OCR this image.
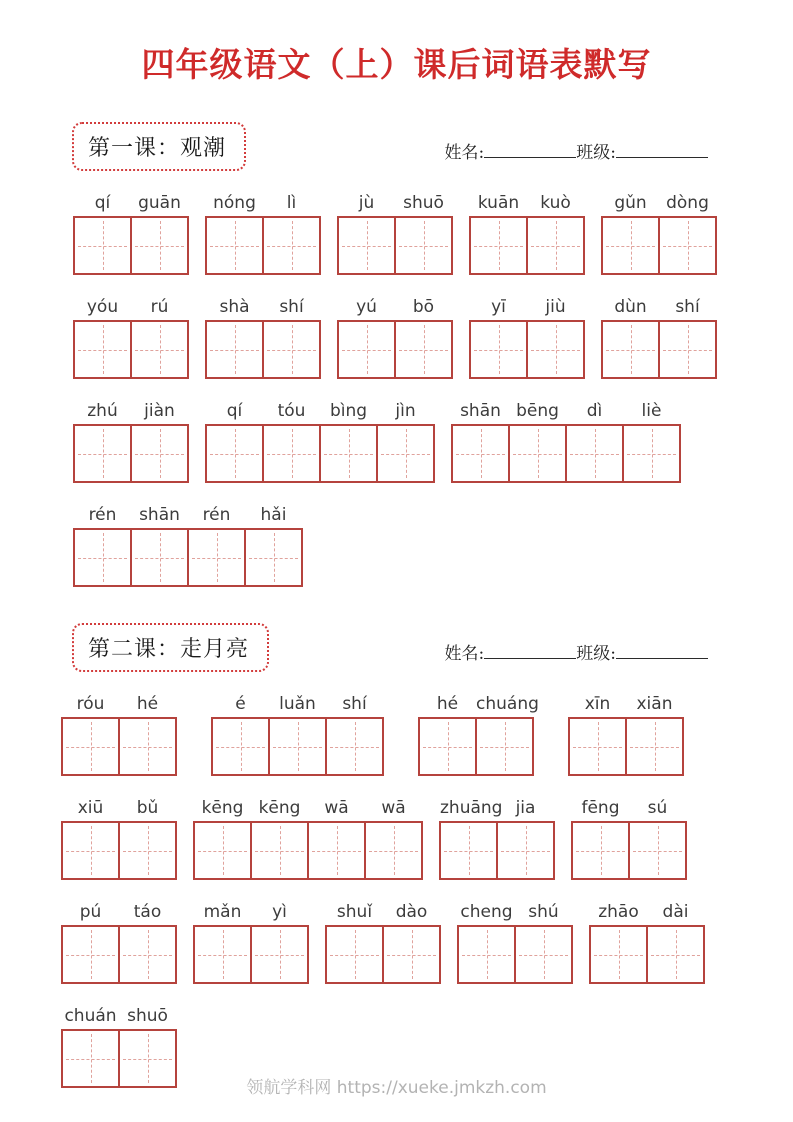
四年级语文（上）课后词语表默写
第一课：观潮	姓名:	班级:
qí	guān	nóng	lì	jù	shuō	kuān	kuò	gǔn	dòng
yóu	rú	shà	shí	yú	bō	yī	jiù	dùn	shí
zhú	jiàn	qí	tóu	bìng	jìn	shān bēng	dì	liè
rén	shān	rén	hǎi
第二课：走月亮	姓名:	班级:
róu	hé	é	luǎn	shí	hé	chuáng	xīn	xiān
xiū	bǔ	kēng kēng	wā	wā	zhuāng jia	fēng	sú
pú	táo	mǎn	yì	shuǐ	dào	cheng shú	zhāo	dài
chuán shuō
领航学科网 https://xueke.jmkzh.com
